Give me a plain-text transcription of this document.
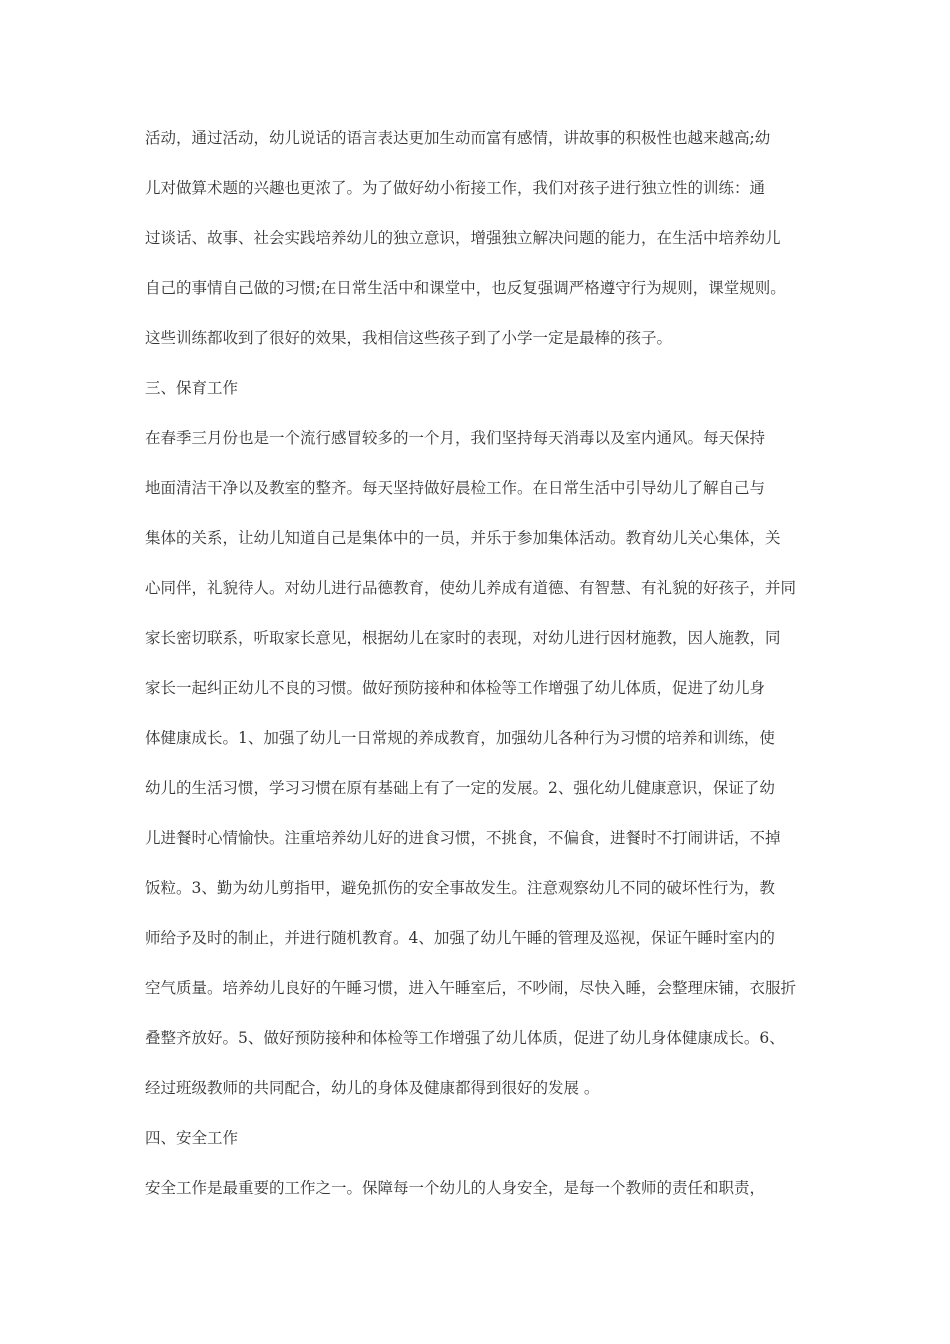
活动，通过活动，幼儿说话的语言表达更加生动而富有感情，讲故事的积极性也越来越高;幼
儿对做算术题的兴趣也更浓了。为了做好幼小衔接工作，我们对孩子进行独立性的训练：通
过谈话、故事、社会实践培养幼儿的独立意识，增强独立解决问题的能力，在生活中培养幼儿
自己的事情自己做的习惯;在日常生活中和课堂中，也反复强调严格遵守行为规则，课堂规则。
这些训练都收到了很好的效果，我相信这些孩子到了小学一定是最棒的孩子。
三、保育工作
在春季三月份也是一个流行感冒较多的一个月，我们坚持每天消毒以及室内通风。每天保持
地面清洁干净以及教室的整齐。每天坚持做好晨检工作。在日常生活中引导幼儿了解自己与
集体的关系，让幼儿知道自己是集体中的一员，并乐于参加集体活动。教育幼儿关心集体，关
心同伴，礼貌待人。对幼儿进行品德教育，使幼儿养成有道德、有智慧、有礼貌的好孩子，并同
家长密切联系，听取家长意见，根据幼儿在家时的表现，对幼儿进行因材施教，因人施教，同
家长一起纠正幼儿不良的习惯。做好预防接种和体检等工作增强了幼儿体质，促进了幼儿身
体健康成长。1、加强了幼儿一日常规的养成教育，加强幼儿各种行为习惯的培养和训练，使
幼儿的生活习惯，学习习惯在原有基础上有了一定的发展。2、强化幼儿健康意识，保证了幼
儿进餐时心情愉快。注重培养幼儿好的进食习惯，不挑食，不偏食，进餐时不打闹讲话，不掉
饭粒。3、勤为幼儿剪指甲，避免抓伤的安全事故发生。注意观察幼儿不同的破坏性行为，教
师给予及时的制止，并进行随机教育。4、加强了幼儿午睡的管理及巡视，保证午睡时室内的
空气质量。培养幼儿良好的午睡习惯，进入午睡室后，不吵闹，尽快入睡，会整理床铺，衣服折
叠整齐放好。5、做好预防接种和体检等工作增强了幼儿体质，促进了幼儿身体健康成长。6、
经过班级教师的共同配合，幼儿的身体及健康都得到很好的发展 。
四、安全工作
安全工作是最重要的工作之一。保障每一个幼儿的人身安全，是每一个教师的责任和职责，
